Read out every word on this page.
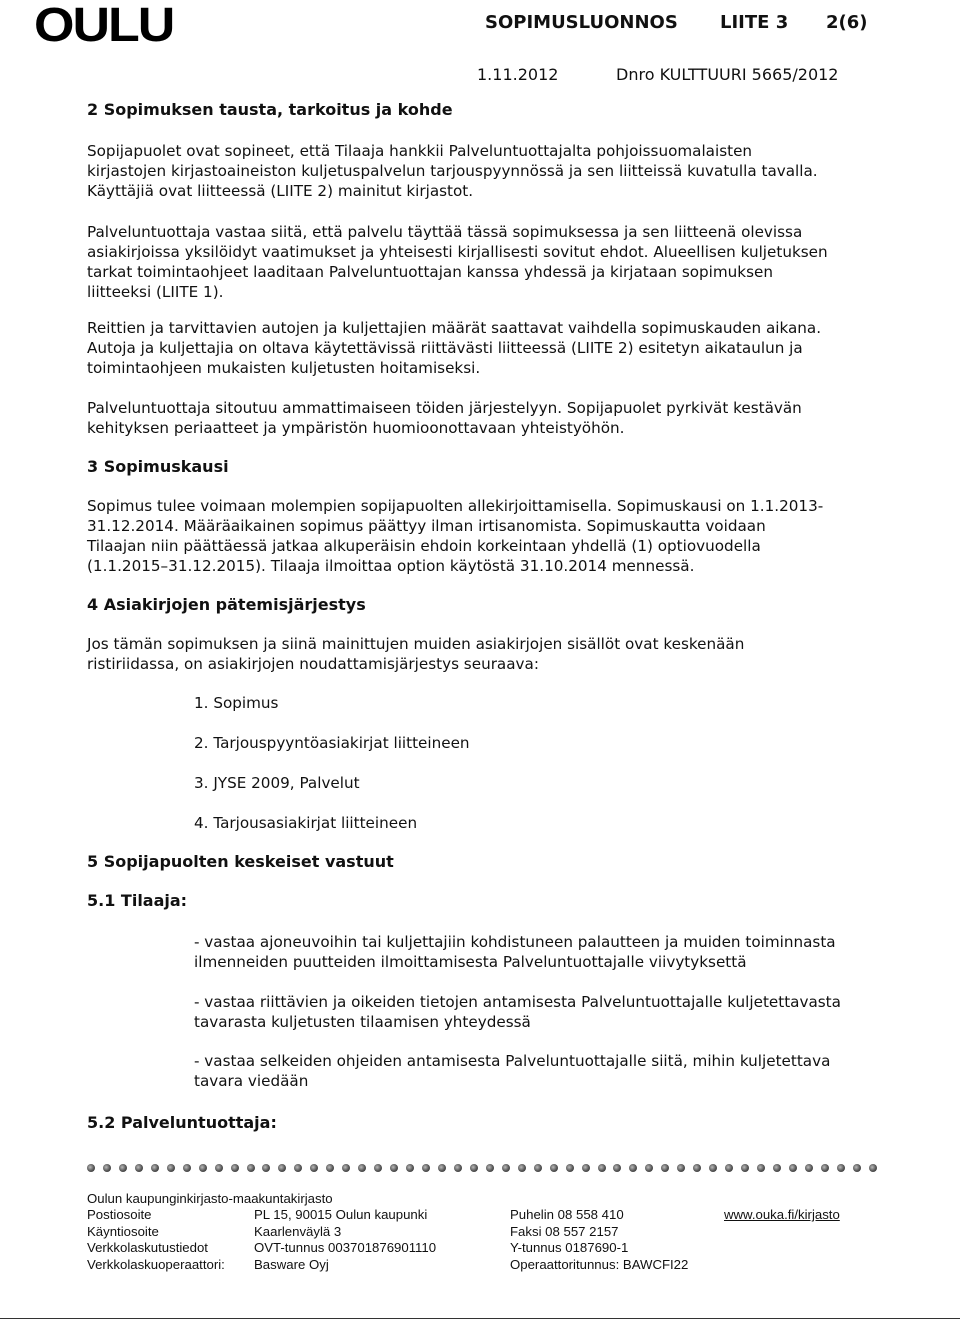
OULU	SOPIMUSLUONNOS LIITE 3 2(6)
1.11.2012	Dnro KULTTUURI 5665/2012
2 Sopimuksen tausta, tarkoitus ja kohde
Sopijapuolet ovat sopineet, että Tilaaja hankkii Palveluntuottajalta pohjoissuomalaisten
kirjastojen kirjastoaineiston kuljetuspalvelun tarjouspyynnössä ja sen liitteissä kuvatulla tavalla.
Käyttäjiä ovat liitteessä (LIITE 2) mainitut kirjastot.
Palveluntuottaja vastaa siitä, että palvelu täyttää tässä sopimuksessa ja sen liitteenä olevissa
asiakirjoissa yksilöidyt vaatimukset ja yhteisesti kirjallisesti sovitut ehdot. Alueellisen kuljetuksen
tarkat toimintaohjeet laaditaan Palveluntuottajan kanssa yhdessä ja kirjataan sopimuksen
liitteeksi (LIITE 1).
Reittien ja tarvittavien autojen ja kuljettajien määrät saattavat vaihdella sopimuskauden aikana.
Autoja ja kuljettajia on oltava käytettävissä riittävästi liitteessä (LIITE 2) esitetyn aikataulun ja
toimintaohjeen mukaisten kuljetusten hoitamiseksi.
Palveluntuottaja sitoutuu ammattimaiseen töiden järjestelyyn. Sopijapuolet pyrkivät kestävän
kehityksen periaatteet ja ympäristön huomioonottavaan yhteistyöhön.
3 Sopimuskausi
Sopimus tulee voimaan molempien sopijapuolten allekirjoittamisella. Sopimuskausi on 1.1.2013-
31.12.2014. Määräaikainen sopimus päättyy ilman irtisanomista. Sopimuskautta voidaan
Tilaajan niin päättäessä jatkaa alkuperäisin ehdoin korkeintaan yhdellä (1) optiovuodella
(1.1.2015–31.12.2015). Tilaaja ilmoittaa option käytöstä 31.10.2014 mennessä.
4 Asiakirjojen pätemisjärjestys
Jos tämän sopimuksen ja siinä mainittujen muiden asiakirjojen sisällöt ovat keskenään
ristiriidassa, on asiakirjojen noudattamisjärjestys seuraava:
1. Sopimus
2. Tarjouspyyntöasiakirjat liitteineen
3. JYSE 2009, Palvelut
4. Tarjousasiakirjat liitteineen
5 Sopijapuolten keskeiset vastuut
5.1 Tilaaja:
- vastaa ajoneuvoihin tai kuljettajiin kohdistuneen palautteen ja muiden toiminnasta
ilmenneiden puutteiden ilmoittamisesta Palveluntuottajalle viivytyksettä
- vastaa riittävien ja oikeiden tietojen antamisesta Palveluntuottajalle kuljetettavasta
tavarasta kuljetusten tilaamisen yhteydessä
- vastaa selkeiden ohjeiden antamisesta Palveluntuottajalle siitä, mihin kuljetettava
tavara viedään
5.2 Palveluntuottaja:
Oulun kaupunginkirjasto-maakuntakirjasto
Postiosoite
Käyntiosoite
Verkkolaskutustiedot
Verkkolaskuoperaattori:
PL 15, 90015 Oulun kaupunki
Kaarlenväylä 3
OVT-tunnus 003701876901110
Basware Oyj
Puhelin 08 558 410
Faksi 08 557 2157
Y-tunnus 0187690-1
Operaattoritunnus: BAWCFI22
www.ouka.fi/kirjasto
